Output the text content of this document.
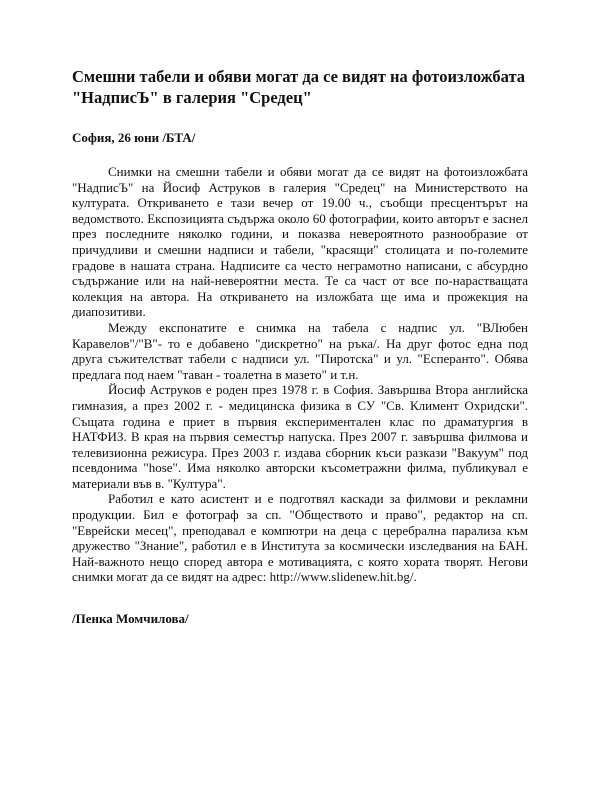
Смешни табели и обяви могат да се видят на фотоизложбата "НадписЪ" в галерия "Средец"

София, 26 юни /БТА/

Снимки на смешни табели и обяви могат да се видят на фотоизложбата "НадписЪ" на Йосиф Аструков в галерия "Средец" на Министерството на културата. Откриването е тази вечер от 19.00 ч., съобщи пресцентърът на ведомството. Експозицията съдържа около 60 фотографии, които авторът е заснел през последните няколко години, и показва невероятното разнообразие от причудливи и смешни надписи и табели, "красящи" столицата и по-големите градове в нашата страна. Надписите са често неграмотно написани, с абсурдно съдържание или на най-невероятни места. Те са част от все по-нарастващата колекция на автора. На откриването на изложбата ще има и прожекция на диапозитиви.

Между експонатите е снимка на табела с надпис ул. "ВЛюбен Каравелов"/"В"- то е добавено "дискретно" на ръка/. На друг фотос една под друга съжителстват табели с надписи ул. "Пиротска" и ул. "Есперанто". Обява предлага под наем "таван - тоалетна в мазето" и т.н.

Йосиф Аструков е роден през 1978 г. в София. Завършва Втора английска гимназия, а през 2002 г. - медицинска физика в СУ "Св. Климент Охридски". Същата година е приет в първия експериментален клас по драматургия в НАТФИЗ. В края на първия семестър напуска. През 2007 г. завършва филмова и телевизионна режисура. През 2003 г. издава сборник къси разкази "Вакуум" под псевдонима "hose". Има няколко авторски късометражни филма, публикувал е материали във в. "Култура".

Работил е като асистент и е подготвял каскади за филмови и рекламни продукции. Бил е фотограф за сп. "Обществото и право", редактор на сп. "Еврейски месец", преподавал е компютри на деца с церебрална парализа към дружество "Знание", работил е в Института за космически изследвания на БАН. Най-важното нещо според автора е мотивацията, с която хората творят. Негови снимки могат да се видят на адрес: http://www.slidenew.hit.bg/.

/Пенка Момчилова/
